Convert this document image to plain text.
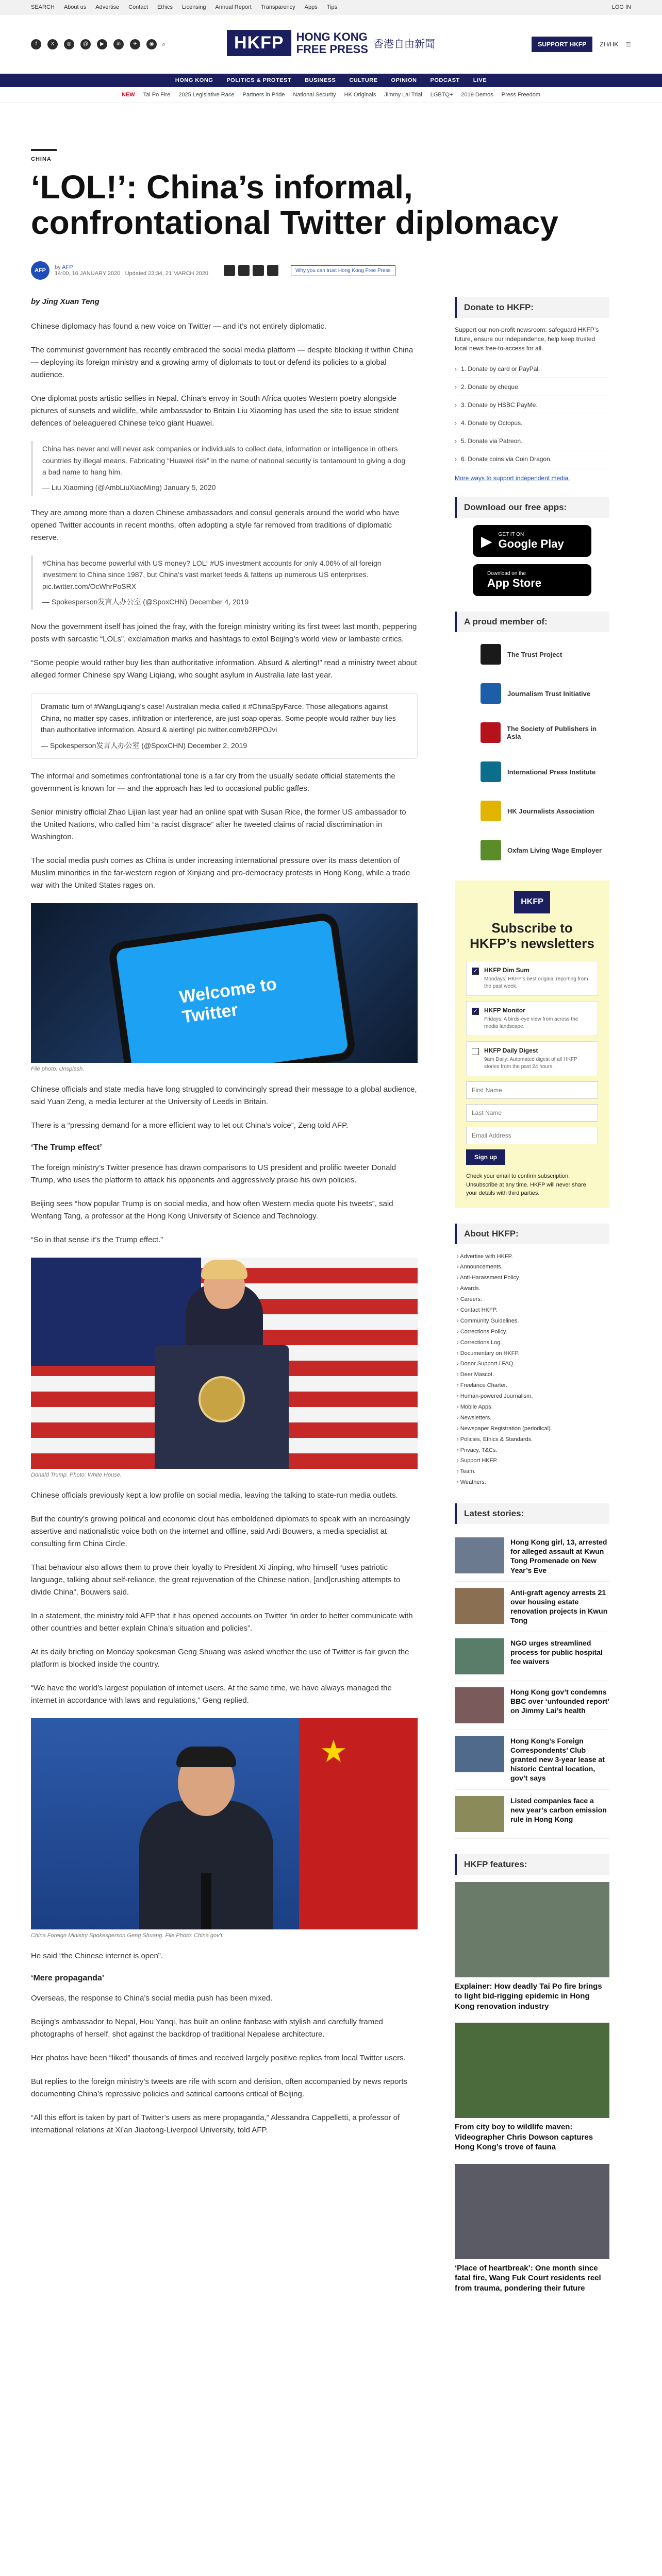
SEARCH About us Advertise Contact Ethics Licensing Annual Report Transparency Apps Tips	LOG IN
f	X	◎	@	▶	in	✈	◉	⌕	HKFP	HONG KONG
FREE PRESS 香港自由新聞	SUPPORT HKFP	ZH/HK ☰
HONG KONG POLITICS & PROTEST BUSINESS CULTURE OPINION PODCAST LIVE
NEW Tai Po Fire 2025 Legislative Race Partners in Pride National Security HK Originals Jimmy Lai Trial LGBTQ+ 2019 Demos Press Freedom
CHINA
‘LOL!’: China’s informal, confrontational Twitter diplomacy
AFP	by AFP
14:00, 10 JANUARY 2020 Updated 23:34, 21 MARCH 2020	Why you can trust Hong Kong Free Press
by Jing Xuan Teng

Chinese diplomacy has found a new voice on Twitter — and it’s not entirely diplomatic.

The communist government has recently embraced the social media platform — despite blocking it within China — deploying its foreign ministry and a growing army of diplomats to tout or defend its policies to a global audience.

One diplomat posts artistic selfies in Nepal. China’s envoy in South Africa quotes Western poetry alongside pictures of sunsets and wildlife, while ambassador to Britain Liu Xiaoming has used the site to issue strident defences of beleaguered Chinese telco giant Huawei.

China has never and will never ask companies or individuals to collect data, information or intelligence in others countries by illegal means. Fabricating “Huawei risk” in the name of national security is tantamount to giving a dog a bad name to hang him.
— Liu Xiaoming (@AmbLiuXiaoMing) January 5, 2020

They are among more than a dozen Chinese ambassadors and consul generals around the world who have opened Twitter accounts in recent months, often adopting a style far removed from traditions of diplomatic reserve.

#China has become powerful with US money? LOL! #US investment accounts for only 4.06% of all foreign investment to China since 1987, but China’s vast market feeds & fattens up numerous US enterprises. pic.twitter.com/OcWhrPoSRX
— Spokesperson发言人办公室 (@SpoxCHN) December 4, 2019

Now the government itself has joined the fray, with the foreign ministry writing its first tweet last month, peppering posts with sarcastic “LOLs”, exclamation marks and hashtags to extol Beijing’s world view or lambaste critics.

“Some people would rather buy lies than authoritative information. Absurd & alerting!” read a ministry tweet about alleged former Chinese spy Wang Liqiang, who sought asylum in Australia late last year.

Dramatic turn of #WangLiqiang’s case! Australian media called it #ChinaSpyFarce. Those allegations against China, no matter spy cases, infiltration or interference, are just soap operas. Some people would rather buy lies than authoritative information. Absurd & alerting! pic.twitter.com/b2RPOJvi
— Spokesperson发言人办公室 (@SpoxCHN) December 2, 2019

The informal and sometimes confrontational tone is a far cry from the usually sedate official statements the government is known for — and the approach has led to occasional public gaffes.

Senior ministry official Zhao Lijian last year had an online spat with Susan Rice, the former US ambassador to the United Nations, who called him “a racist disgrace” after he tweeted claims of racial discrimination in Washington.

The social media push comes as China is under increasing international pressure over its mass detention of Muslim minorities in the far-western region of Xinjiang and pro-democracy protests in Hong Kong, while a trade war with the United States rages on.

Welcome to
Twitter
File photo: Unsplash.

Chinese officials and state media have long struggled to convincingly spread their message to a global audience, said Yuan Zeng, a media lecturer at the University of Leeds in Britain.

There is a “pressing demand for a more efficient way to let out China’s voice”, Zeng told AFP.

‘The Trump effect’

The foreign ministry’s Twitter presence has drawn comparisons to US president and prolific tweeter Donald Trump, who uses the platform to attack his opponents and aggressively praise his own policies.

Beijing sees “how popular Trump is on social media, and how often Western media quote his tweets”, said Wenfang Tang, a professor at the Hong Kong University of Science and Technology.

“So in that sense it’s the Trump effect.”

Donald Trump. Photo: White House.

Chinese officials previously kept a low profile on social media, leaving the talking to state-run media outlets.

But the country’s growing political and economic clout has emboldened diplomats to speak with an increasingly assertive and nationalistic voice both on the internet and offline, said Ardi Bouwers, a media specialist at consulting firm China Circle.

That behaviour also allows them to prove their loyalty to President Xi Jinping, who himself “uses patriotic language, talking about self-reliance, the great rejuvenation of the Chinese nation, [and]crushing attempts to divide China”, Bouwers said.

In a statement, the ministry told AFP that it has opened accounts on Twitter “in order to better communicate with other countries and better explain China’s situation and policies”.

At its daily briefing on Monday spokesman Geng Shuang was asked whether the use of Twitter is fair given the platform is blocked inside the country.

“We have the world’s largest population of internet users. At the same time, we have always managed the internet in accordance with laws and regulations,” Geng replied.

★
China Foreign Ministry Spokesperson Geng Shuang. File Photo: China gov’t.

He said “the Chinese internet is open”.

‘Mere propaganda’

Overseas, the response to China’s social media push has been mixed.

Beijing’s ambassador to Nepal, Hou Yanqi, has built an online fanbase with stylish and carefully framed photographs of herself, shot against the backdrop of traditional Nepalese architecture.

Her photos have been “liked” thousands of times and received largely positive replies from local Twitter users.

But replies to the foreign ministry’s tweets are rife with scorn and derision, often accompanied by news reports documenting China’s repressive policies and satirical cartoons critical of Beijing.

“All this effort is taken by part of Twitter’s users as mere propaganda,” Alessandra Cappelletti, a professor of international relations at Xi’an Jiaotong-Liverpool University, told AFP.

Donate to HKFP:
Support our non-profit newsroom: safeguard HKFP’s future, ensure our independence, help keep trusted local news free-to-access for all.
› 1. Donate by card or PayPal.
› 2. Donate by cheque.
› 3. Donate by HSBC PayMe.
› 4. Donate by Octopus.
› 5. Donate via Patreon.
› 6. Donate coins via Coin Dragon.
More ways to support independent media.
Download our free apps:
▶ GET IT ON
Google Play
Download on the
App Store
A proud member of:
The Trust Project
Journalism Trust Initiative
The Society of Publishers in Asia
International Press Institute
HK Journalists Association
Oxfam Living Wage Employer
HKFP
Subscribe to HKFP’s newsletters
✓ HKFP Dim Sum
Mondays: HKFP’s best original reporting from the past week.
✓ HKFP Monitor
Fridays: A birds-eye view from across the media landscape.
HKFP Daily Digest
9am Daily: Automated digest of all HKFP stories from the past 24 hours.
First Name Last Name Email Address Sign up
Check your email to confirm subscription. Unsubscribe at any time. HKFP will never share your details with third parties.
About HKFP:
› Advertise with HKFP.
› Announcements.
› Anti-Harassment Policy.
› Awards.
› Careers.
› Contact HKFP.
› Community Guidelines.
› Corrections Policy.
› Corrections Log.
› Documentary on HKFP.
› Donor Support / FAQ.
› Deer Mascot.
› Freelance Charter.
› Human-powered Journalism.
› Mobile Apps.
› Newsletters.
› Newspaper Registration (periodical).
› Policies, Ethics & Standards.
› Privacy, T&Cs.
› Support HKFP.
› Team.
› Weathers.
Latest stories:
Hong Kong girl, 13, arrested for alleged assault at Kwun Tong Promenade on New Year’s Eve
Anti-graft agency arrests 21 over housing estate renovation projects in Kwun Tong
NGO urges streamlined process for public hospital fee waivers
Hong Kong gov’t condemns BBC over ‘unfounded report’ on Jimmy Lai’s health
Hong Kong’s Foreign Correspondents’ Club granted new 3-year lease at historic Central location, gov’t says
Listed companies face a new year’s carbon emission rule in Hong Kong
HKFP features:
Explainer: How deadly Tai Po fire brings to light bid-rigging epidemic in Hong Kong renovation industry
From city boy to wildlife maven: Videographer Chris Dowson captures Hong Kong’s trove of fauna
‘Place of heartbreak’: One month since fatal fire, Wang Fuk Court residents reel from trauma, pondering their future
